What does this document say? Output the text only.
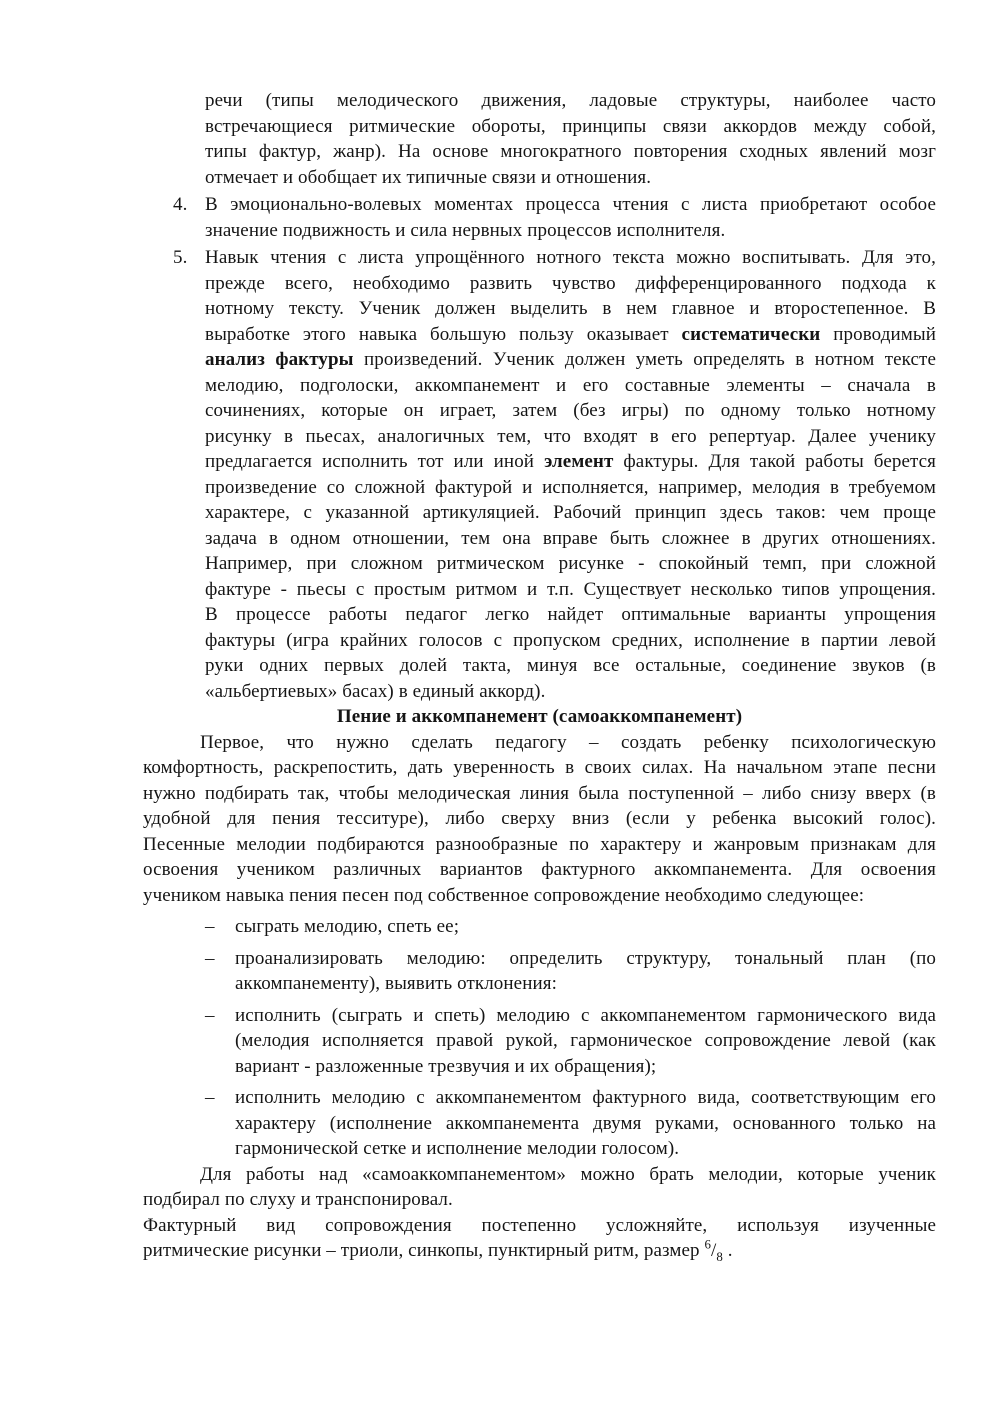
речи (типы мелодического движения, ладовые структуры, наиболее часто
встречающиеся ритмические обороты, принципы связи аккордов между собой,
типы фактур, жанр). На основе многократного повторения сходных явлений мозг
отмечает и обобщает их типичные связи и отношения.
4. В эмоционально-волевых моментах процесса чтения с листа приобретают особое
значение подвижность и сила нервных процессов исполнителя.
5. Навык чтения с листа упрощённого нотного текста можно воспитывать. Для это,
прежде всего, необходимо развить чувство дифференцированного подхода к
нотному тексту. Ученик должен выделить в нем главное и второстепенное. В
выработке этого навыка большую пользу оказывает систематически проводимый
анализ фактуры произведений. Ученик должен уметь определять в нотном тексте
мелодию, подголоски, аккомпанемент и его составные элементы – сначала в
сочинениях, которые он играет, затем (без игры) по одному только нотному
рисунку в пьесах, аналогичных тем, что входят в его репертуар. Далее ученику
предлагается исполнить тот или иной элемент фактуры. Для такой работы берется
произведение со сложной фактурой и исполняется, например, мелодия в требуемом
характере, с указанной артикуляцией. Рабочий принцип здесь таков: чем проще
задача в одном отношении, тем она вправе быть сложнее в других отношениях.
Например, при сложном ритмическом рисунке - спокойный темп, при сложной
фактуре - пьесы с простым ритмом и т.п. Существует несколько типов упрощения.
В процессе работы педагог легко найдет оптимальные варианты упрощения
фактуры (игра крайних голосов с пропуском средних, исполнение в партии левой
руки одних первых долей такта, минуя все остальные, соединение звуков (в
«альбертиевых» басах) в единый аккорд).
Пение и аккомпанемент (самоаккомпанемент)
Первое, что нужно сделать педагогу – создать ребенку психологическую
комфортность, раскрепостить, дать уверенность в своих силах. На начальном этапе песни
нужно подбирать так, чтобы мелодическая линия была поступенной – либо снизу вверх (в
удобной для пения тесситуре), либо сверху вниз (если у ребенка высокий голос).
Песенные мелодии подбираются разнообразные по характеру и жанровым признакам для
освоения учеником различных вариантов фактурного аккомпанемента. Для освоения
учеником навыка пения песен под собственное сопровождение необходимо следующее:
– сыграть мелодию, спеть ее;
– проанализировать мелодию: определить структуру, тональный план (по
аккомпанементу), выявить отклонения:
– исполнить (сыграть и спеть) мелодию с аккомпанементом гармонического вида
(мелодия исполняется правой рукой, гармоническое сопровождение левой (как
вариант - разложенные трезвучия и их обращения);
– исполнить мелодию с аккомпанементом фактурного вида, соответствующим его
характеру (исполнение аккомпанемента двумя руками, основанного только на
гармонической сетке и исполнение мелодии голосом).
Для работы над «самоаккомпанементом» можно брать мелодии, которые ученик
подбирал по слуху и транспонировал.
Фактурный вид сопровождения постепенно усложняйте, используя изученные
ритмические рисунки – триоли, синкопы, пунктирный ритм, размер $^6/_8$ .
